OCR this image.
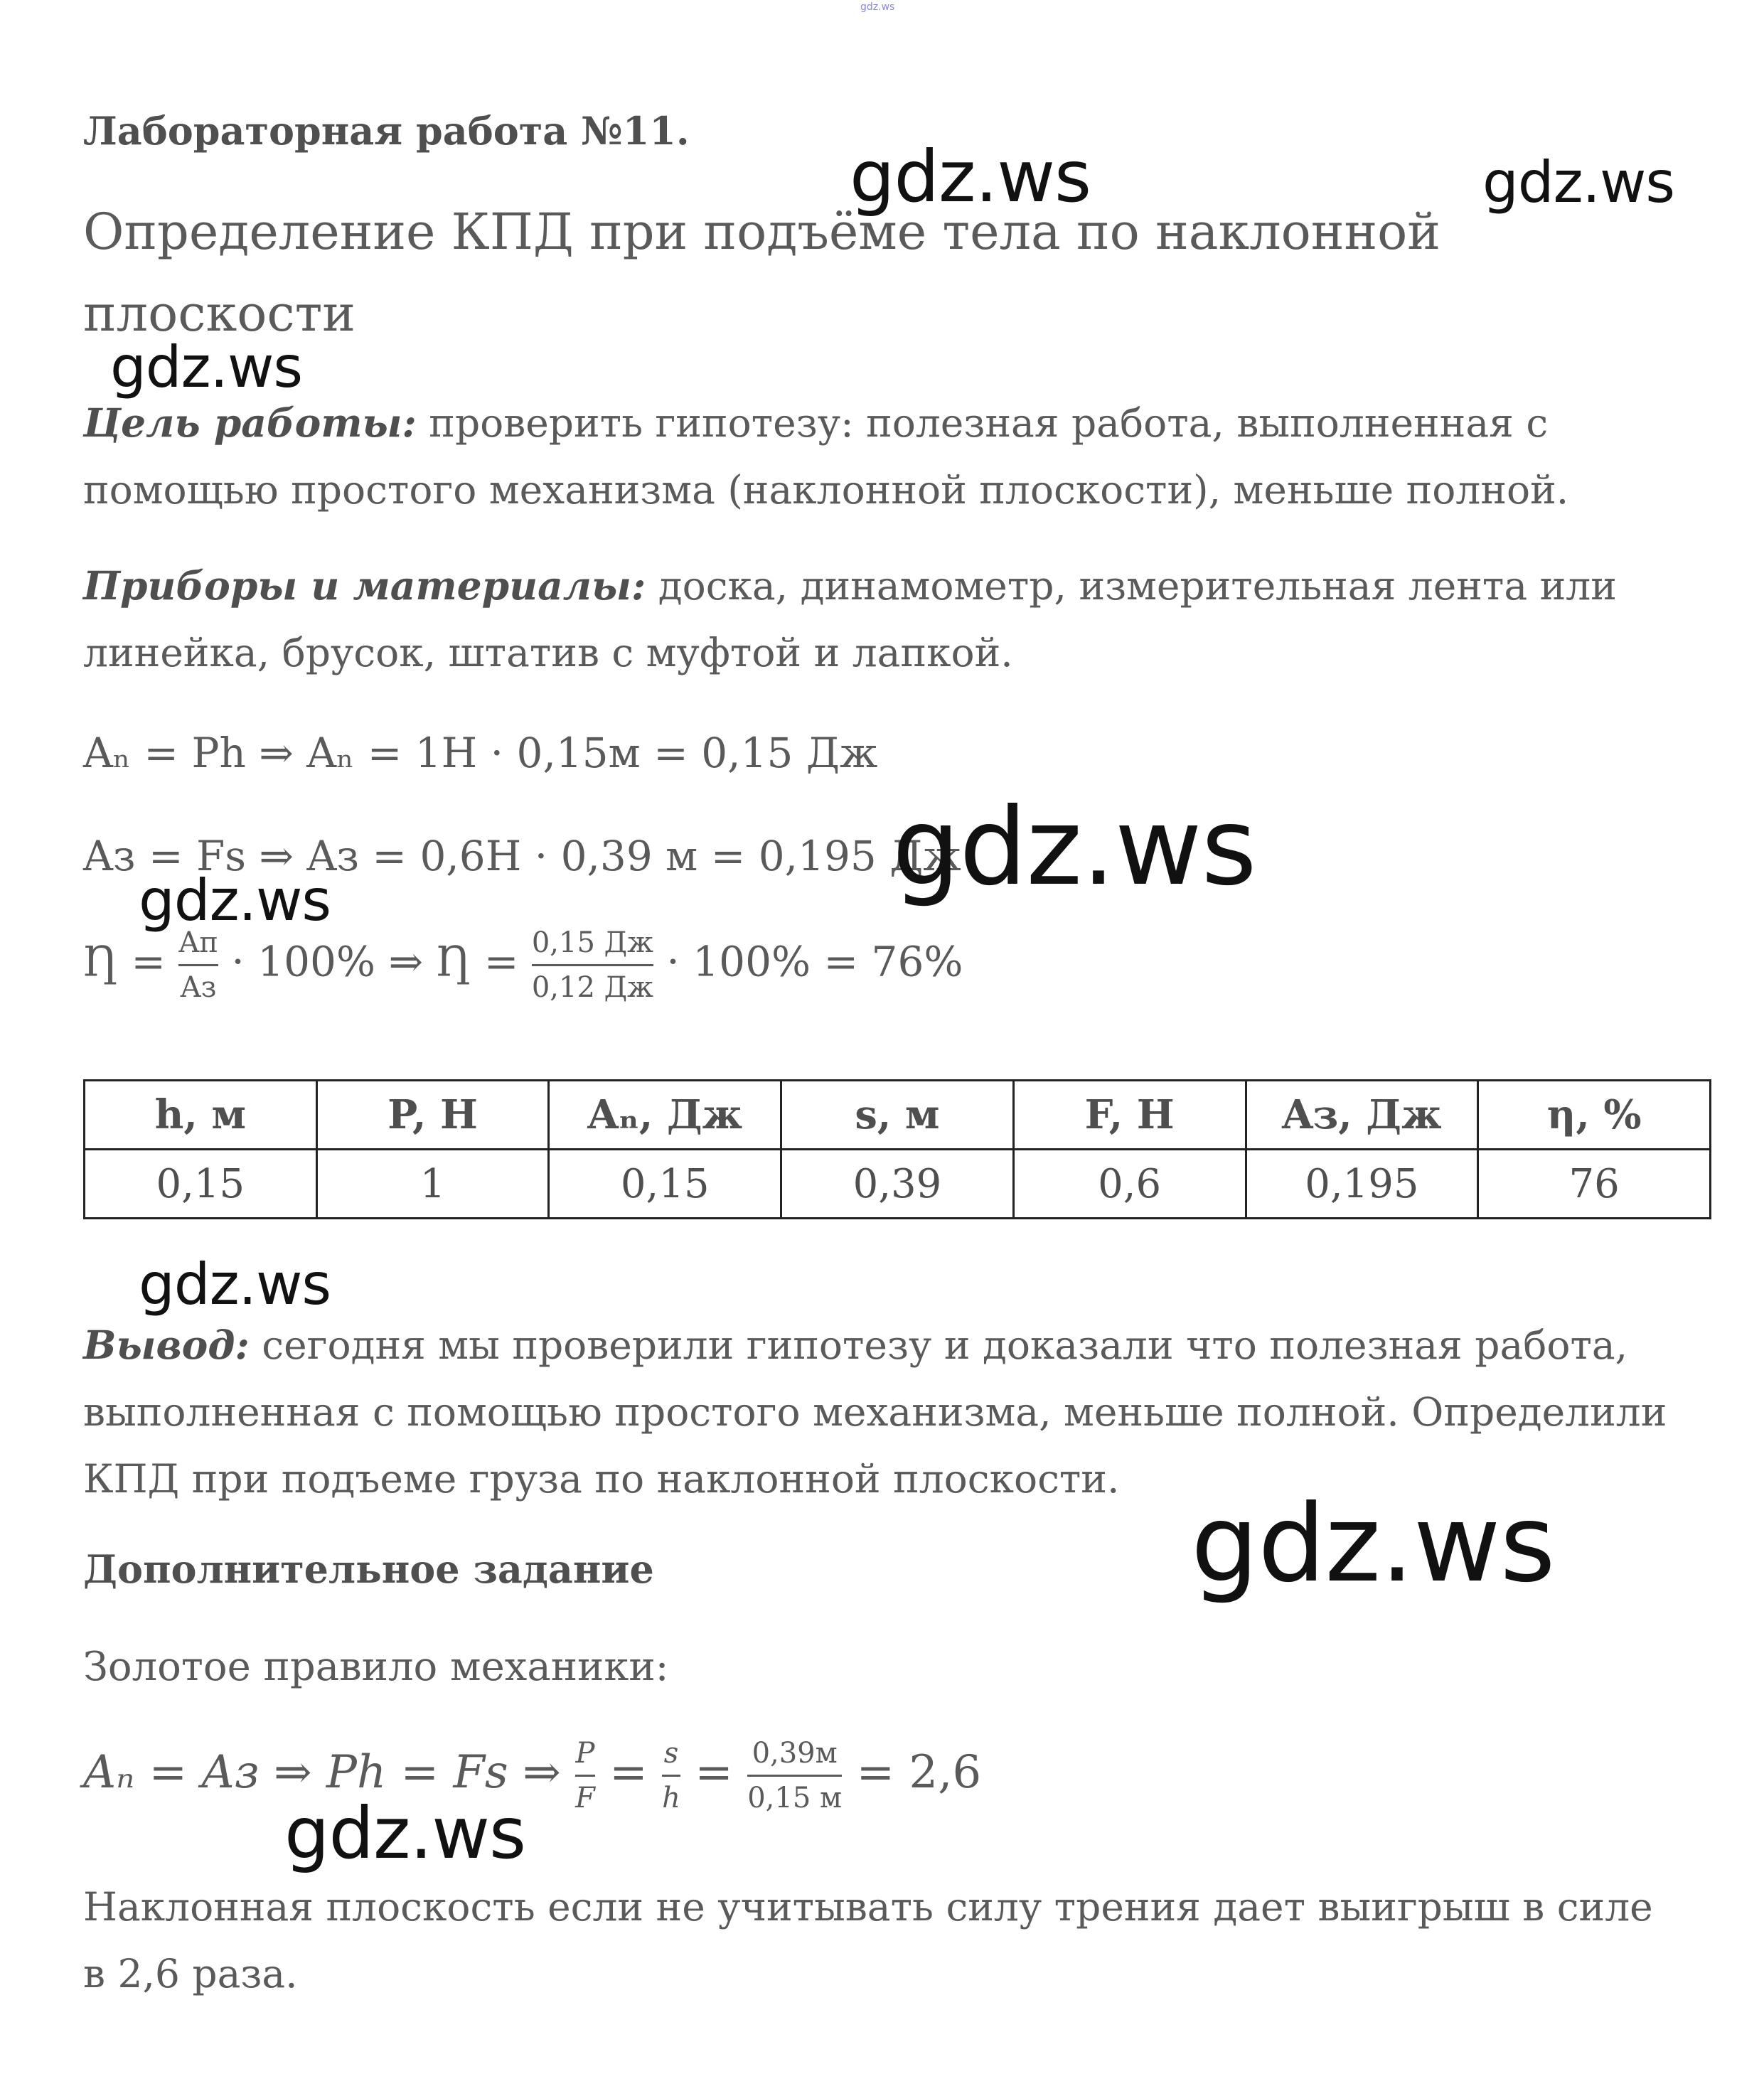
gdz.ws
Лабораторная работа №11.
Определение КПД при подъёме тела по наклонной
плоскости
Цель работы: проверить гипотезу: полезная работа, выполненная с помощью простого механизма (наклонной плоскости), меньше полной.
Приборы и материалы: доска, динамометр, измерительная лента или линейка, брусок, штатив с муфтой и лапкой.
Aₙ = Ph ⇒ Aₙ = 1H · 0,15м = 0,15 Дж
Aз = Fs ⇒ Aз = 0,6H · 0,39 м = 0,195 Дж
Ƞ = $\frac{Aп}{Aз} \cdot 100\%$ ⇒ Ƞ = $\frac{0,15 Дж}{0,12 Дж} \cdot 100\% = 76\%$
h, м	P, Н	Aₙ, Дж	s, м	F, Н	Aз, Дж	η, %
0,15	1	0,15	0,39	0,6	0,195	76
Вывод: сегодня мы проверили гипотезу и доказали что полезная работа, выполненная с помощью простого механизма, меньше полной. Определили КПД при подъеме груза по наклонной плоскости.
Дополнительное задание
Золотое правило механики:
Aₙ = Aз ⇒ Ph = Fs ⇒ $\frac{P}{F} = \frac{s}{h} = \frac{0,39м}{0,15 м} = 2,6$
Наклонная плоскость если не учитывать силу трения дает выигрыш в силе в 2,6 раза.
gdz.ws	gdz.ws
gdz.ws
gdz.ws
gdz.ws
gdz.ws
gdz.ws
gdz.ws
